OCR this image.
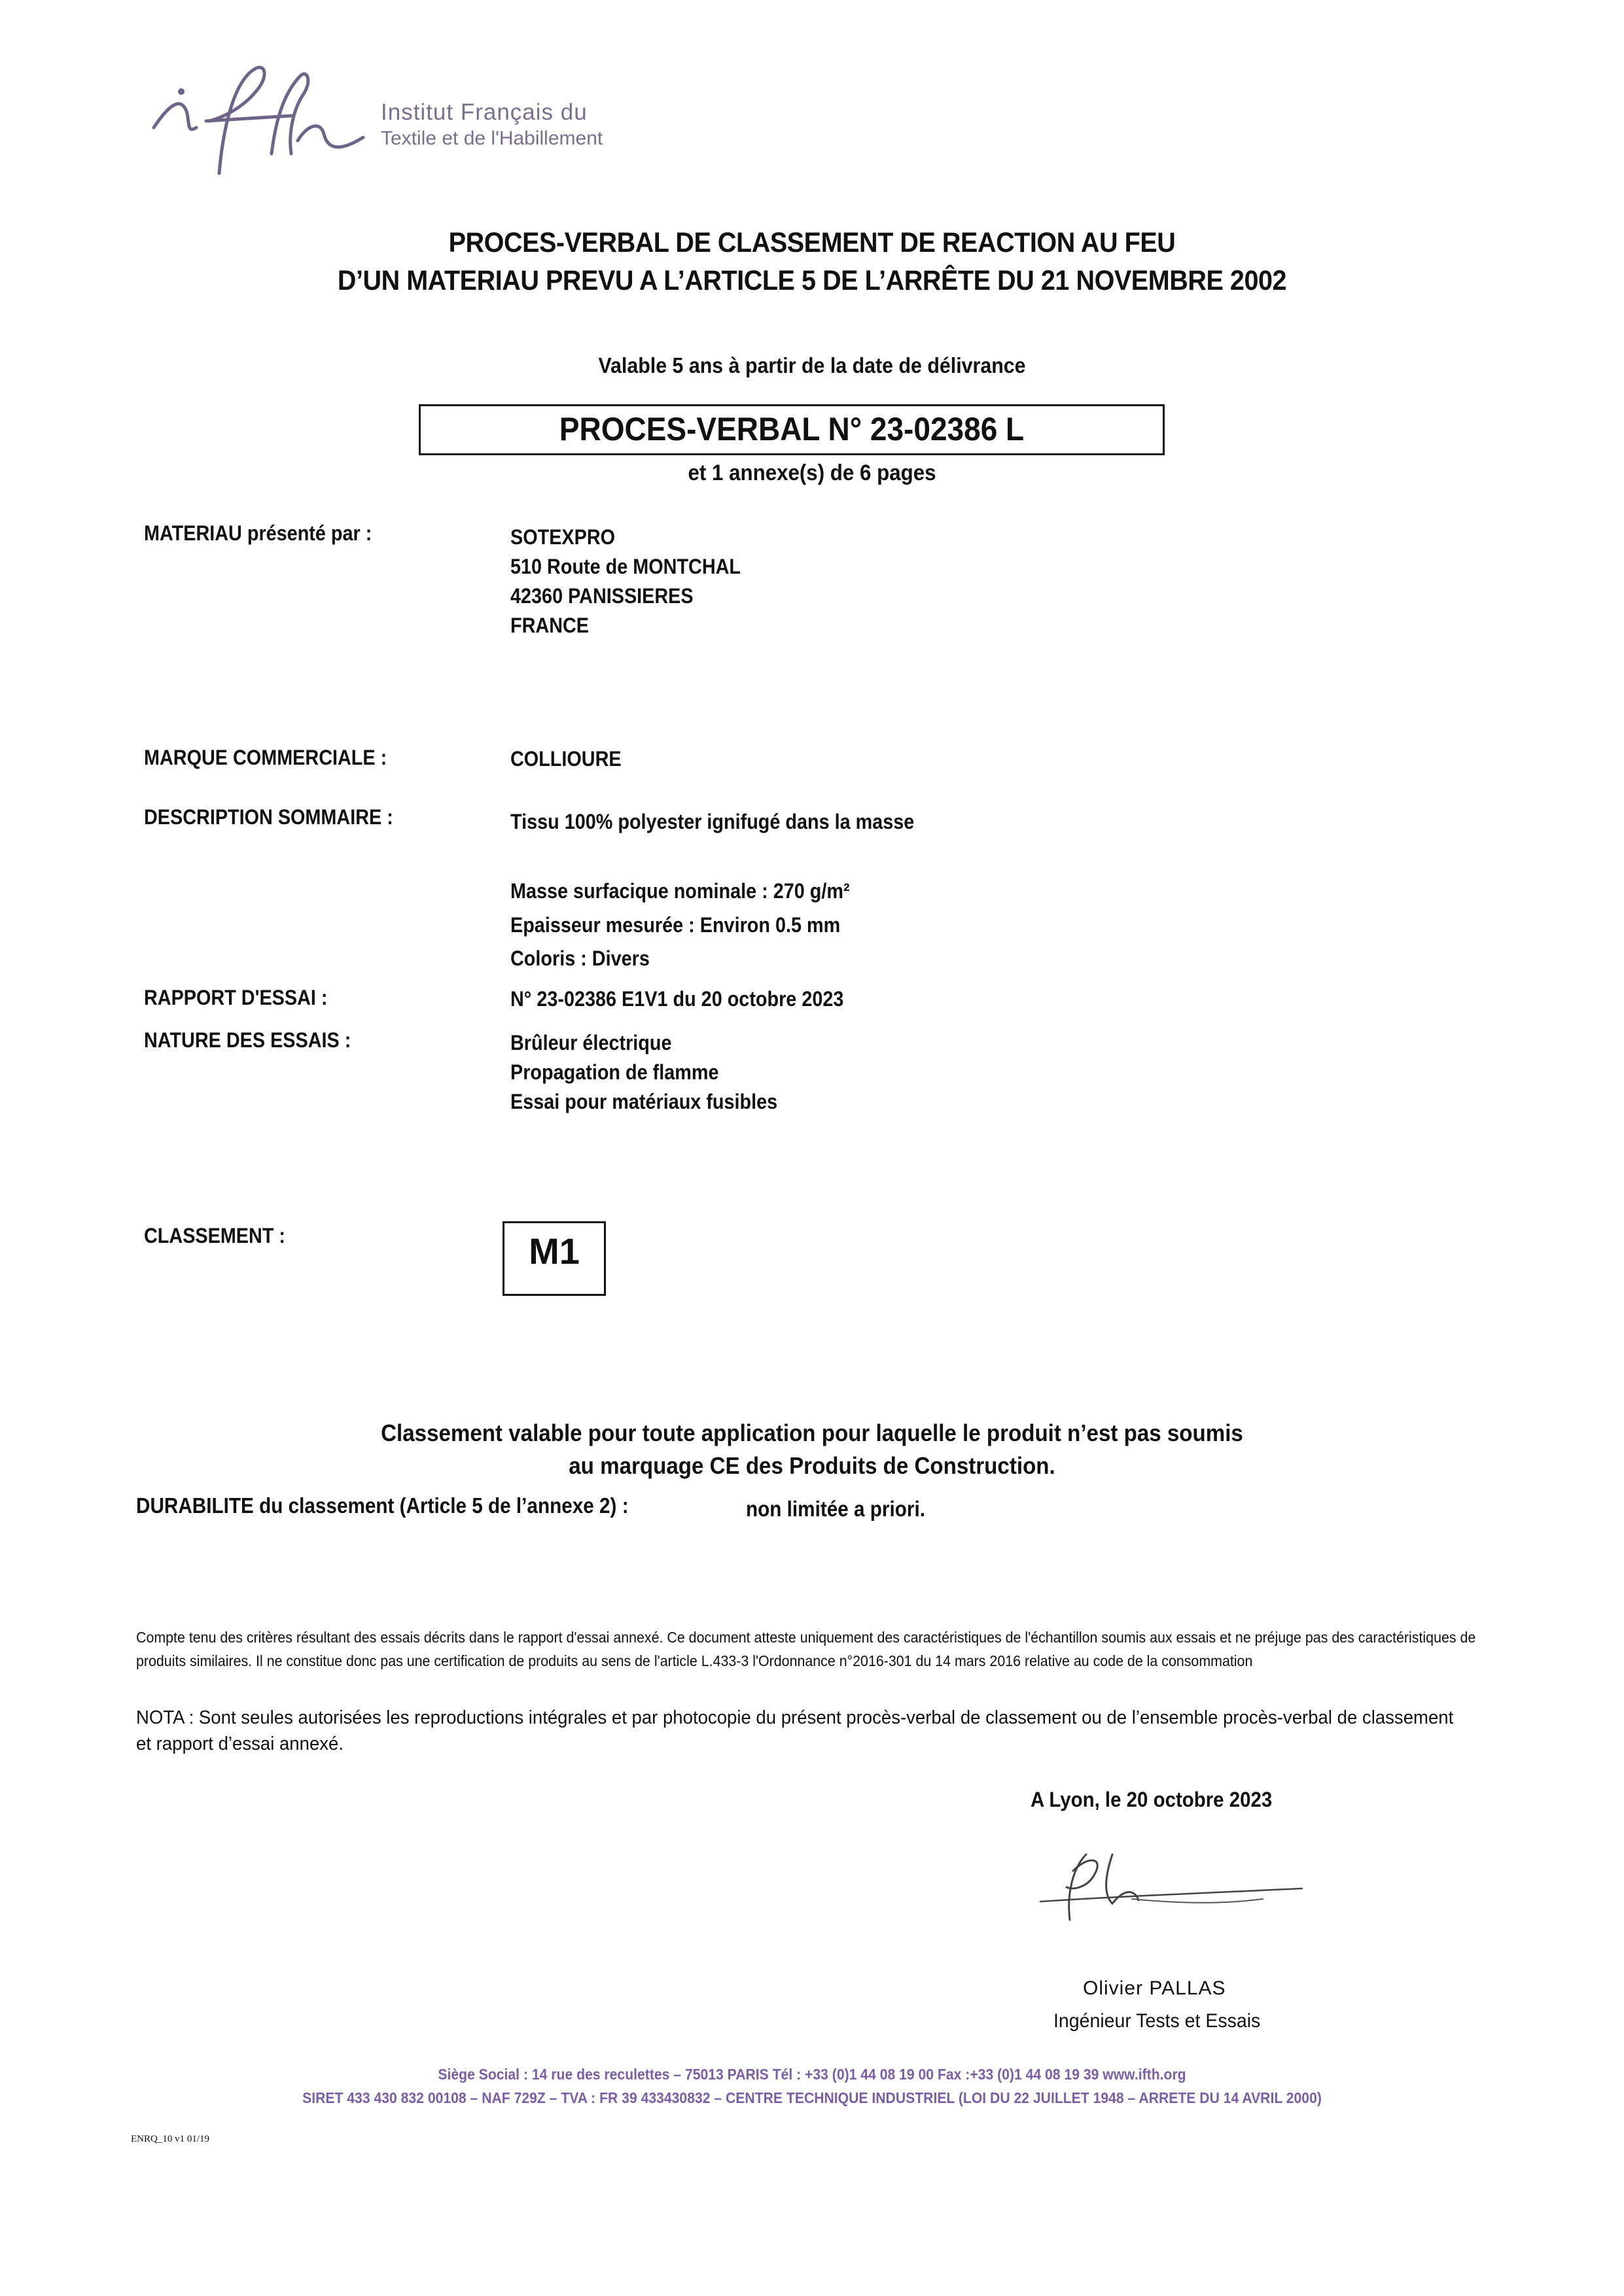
Institut Français du
Textile et de l'Habillement
PROCES-VERBAL DE CLASSEMENT DE REACTION AU FEU
D’UN MATERIAU PREVU A L’ARTICLE 5 DE L’ARRÊTE DU 21 NOVEMBRE 2002
Valable 5 ans à partir de la date de délivrance
PROCES-VERBAL N° 23-02386 L
et 1 annexe(s) de 6 pages
MATERIAU présenté par :	SOTEXPRO
510 Route de MONTCHAL
42360 PANISSIERES
FRANCE
MARQUE COMMERCIALE :	COLLIOURE
DESCRIPTION SOMMAIRE :	Tissu 100% polyester ignifugé dans la masse
Masse surfacique nominale : 270 g/m²
Epaisseur mesurée : Environ 0.5 mm
Coloris : Divers
RAPPORT D'ESSAI :	N° 23-02386 E1V1 du 20 octobre 2023
NATURE DES ESSAIS :	Brûleur électrique
Propagation de flamme
Essai pour matériaux fusibles
CLASSEMENT :	M1
Classement valable pour toute application pour laquelle le produit n’est pas soumis
au marquage CE des Produits de Construction.
DURABILITE du classement (Article 5 de l’annexe 2) :	non limitée a priori.
Compte tenu des critères résultant des essais décrits dans le rapport d'essai annexé. Ce document atteste uniquement des caractéristiques de l'échantillon soumis aux essais et ne préjuge pas des caractéristiques de produits similaires. Il ne constitue donc pas une certification de produits au sens de l'article L.433-3 l'Ordonnance n°2016-301 du 14 mars 2016 relative au code de la consommation
NOTA : Sont seules autorisées les reproductions intégrales et par photocopie du présent procès-verbal de classement ou de l’ensemble procès-verbal de classement et rapport d’essai annexé.
A Lyon, le 20 octobre 2023
Olivier PALLAS
Ingénieur Tests et Essais
Siège Social : 14 rue des reculettes – 75013 PARIS Tél : +33 (0)1 44 08 19 00 Fax :+33 (0)1 44 08 19 39 www.ifth.org
SIRET 433 430 832 00108 – NAF 729Z – TVA : FR 39 433430832 – CENTRE TECHNIQUE INDUSTRIEL (LOI DU 22 JUILLET 1948 – ARRETE DU 14 AVRIL 2000)
ENRQ_10 v1 01/19
